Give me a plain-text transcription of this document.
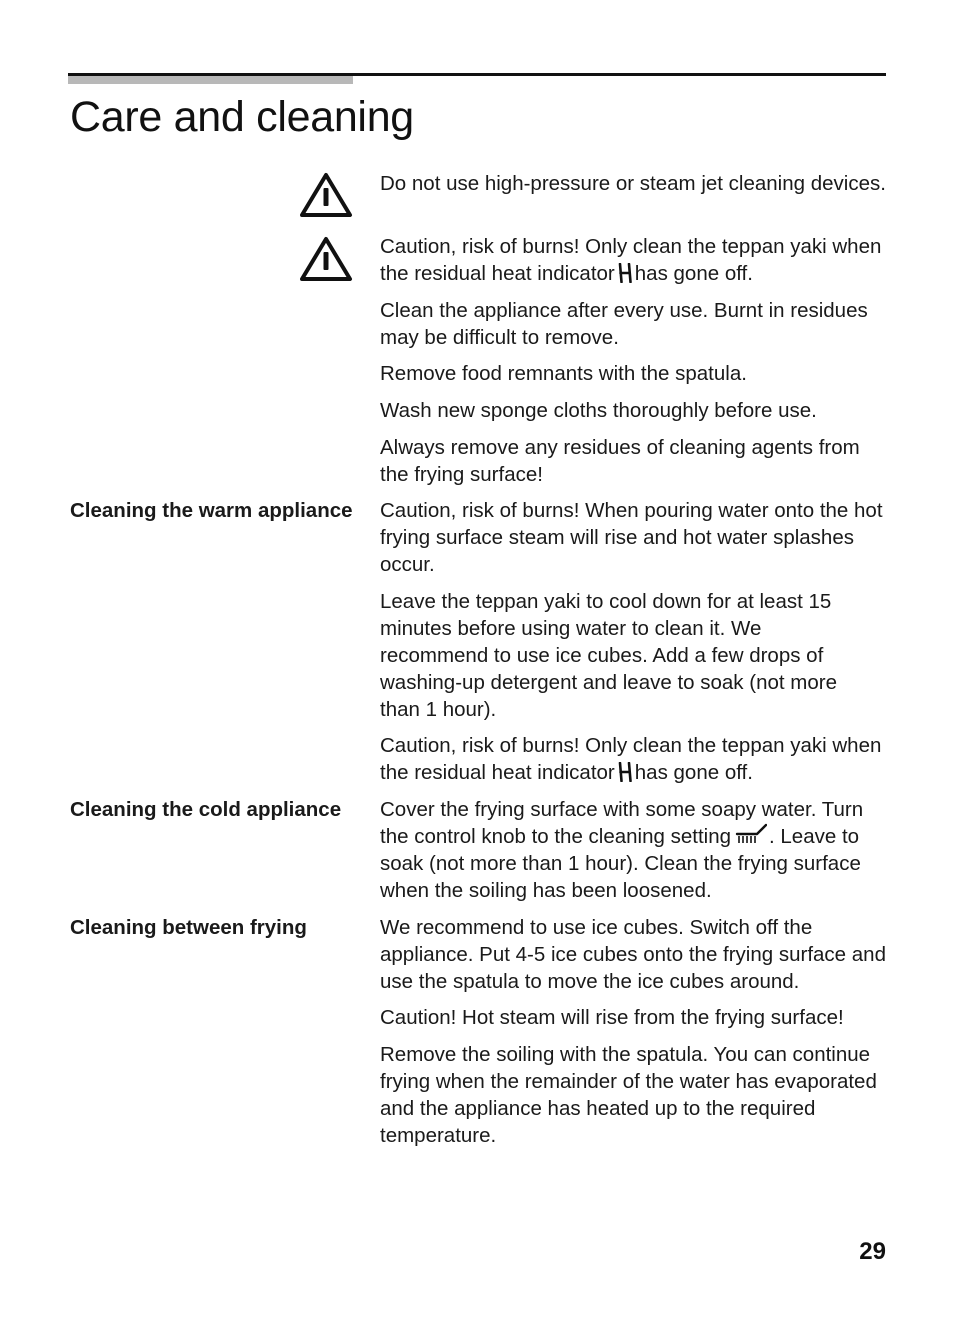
Care and cleaning

Do not use high-pressure or steam jet cleaning devices.

Caution, risk of burns! Only clean the teppan yaki when the residual heat indicator has gone off.

Clean the appliance after every use. Burnt in residues may be difficult to remove.

Remove food remnants with the spatula.

Wash new sponge cloths thoroughly before use.

Always remove any residues of cleaning agents from the frying surface!

Cleaning the warm appliance Caution, risk of burns! When pouring water onto the hot frying surface steam will rise and hot water splashes occur.

Leave the teppan yaki to cool down for at least 15 minutes before using water to clean it. We recommend to use ice cubes. Add a few drops of washing-up detergent and leave to soak (not more than 1 hour).

Caution, risk of burns! Only clean the teppan yaki when the residual heat indicator has gone off.

Cleaning the cold appliance Cover the frying surface with some soapy water. Turn the control knob to the cleaning setting . Leave to soak (not more than 1 hour). Clean the frying surface when the soiling has been loosened.

Cleaning between frying	We recommend to use ice cubes. Switch off the appliance. Put 4-5 ice cubes onto the frying surface and use the spatula to move the ice cubes around.

Caution! Hot steam will rise from the frying surface!

Remove the soiling with the spatula. You can continue frying when the remainder of the water has evaporated and the appliance has heated up to the required temperature.

29
